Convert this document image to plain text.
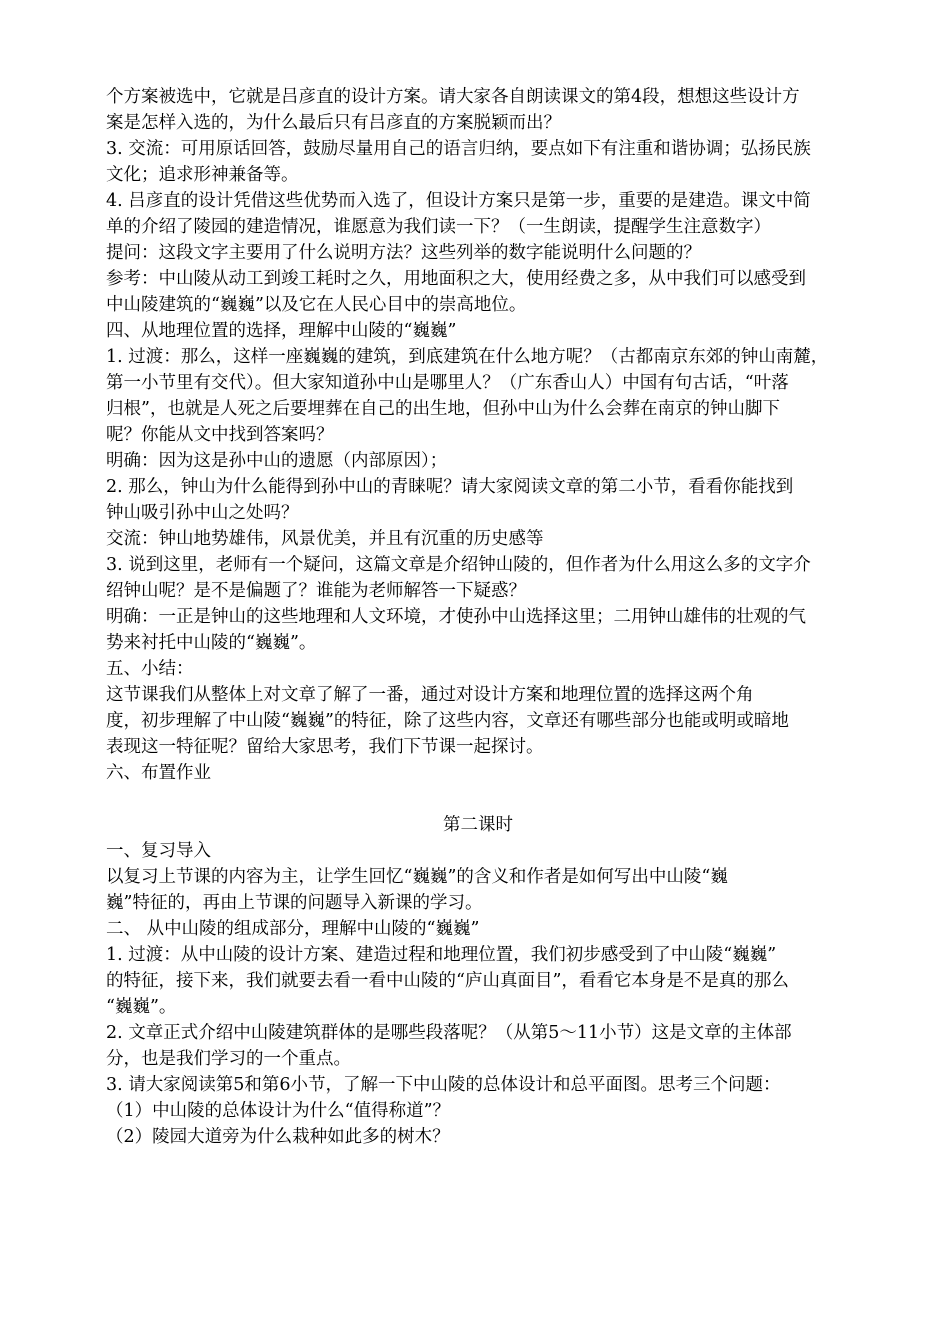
个方案被选中，它就是吕彦直的设计方案。请大家各自朗读课文的第4段，想想这些设计方
案是怎样入选的，为什么最后只有吕彦直的方案脱颖而出？
3. 交流：可用原话回答，鼓励尽量用自己的语言归纳，要点如下有注重和谐协调；弘扬民族
文化；追求形神兼备等。
4. 吕彦直的设计凭借这些优势而入选了，但设计方案只是第一步，重要的是建造。课文中简
单的介绍了陵园的建造情况，谁愿意为我们读一下？（一生朗读，提醒学生注意数字）
提问：这段文字主要用了什么说明方法？这些列举的数字能说明什么问题的？
参考：中山陵从动工到竣工耗时之久，用地面积之大，使用经费之多，从中我们可以感受到
中山陵建筑的“巍巍”以及它在人民心目中的崇高地位。
四、从地理位置的选择，理解中山陵的“巍巍”
1. 过渡：那么，这样一座巍巍的建筑，到底建筑在什么地方呢？（古都南京东郊的钟山南麓，
第一小节里有交代）。但大家知道孙中山是哪里人？（广东香山人）中国有句古话，“叶落
归根”，也就是人死之后要埋葬在自己的出生地，但孙中山为什么会葬在南京的钟山脚下
呢？你能从文中找到答案吗？
明确：因为这是孙中山的遗愿（内部原因）；
2. 那么，钟山为什么能得到孙中山的青睐呢？请大家阅读文章的第二小节，看看你能找到
钟山吸引孙中山之处吗？
交流：钟山地势雄伟，风景优美，并且有沉重的历史感等
3. 说到这里，老师有一个疑问，这篇文章是介绍钟山陵的，但作者为什么用这么多的文字介
绍钟山呢？是不是偏题了？谁能为老师解答一下疑惑？
明确：一正是钟山的这些地理和人文环境，才使孙中山选择这里；二用钟山雄伟的壮观的气
势来衬托中山陵的“巍巍”。
五、小结：
这节课我们从整体上对文章了解了一番，通过对设计方案和地理位置的选择这两个角
度，初步理解了中山陵“巍巍”的特征，除了这些内容，文章还有哪些部分也能或明或暗地
表现这一特征呢？留给大家思考，我们下节课一起探讨。
六、布置作业
第二课时
一、复习导入
以复习上节课的内容为主，让学生回忆“巍巍”的含义和作者是如何写出中山陵“巍
巍”特征的，再由上节课的问题导入新课的学习。
二、 从中山陵的组成部分，理解中山陵的“巍巍”
1. 过渡：从中山陵的设计方案、建造过程和地理位置，我们初步感受到了中山陵“巍巍”
的特征，接下来，我们就要去看一看中山陵的“庐山真面目”，看看它本身是不是真的那么
“巍巍”。
2. 文章正式介绍中山陵建筑群体的是哪些段落呢？（从第5～11小节）这是文章的主体部
分，也是我们学习的一个重点。
3. 请大家阅读第5和第6小节，了解一下中山陵的总体设计和总平面图。思考三个问题：
（1）中山陵的总体设计为什么“值得称道”？
（2）陵园大道旁为什么栽种如此多的树木？
